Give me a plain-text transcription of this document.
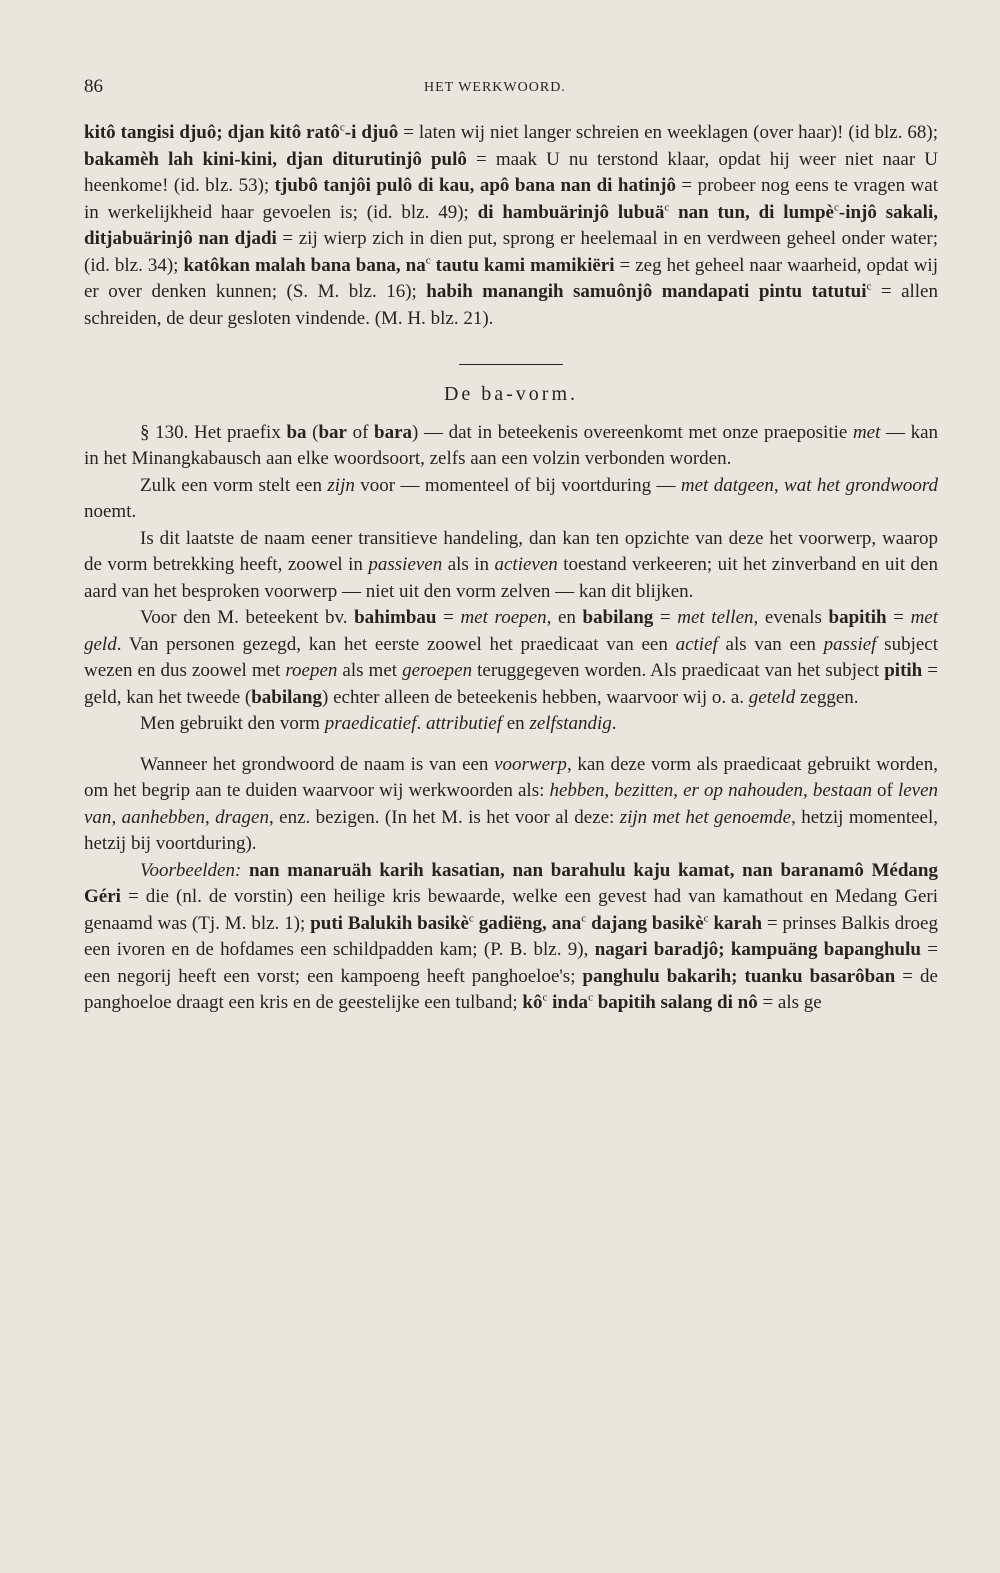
86	HET WERKWOORD.

kitô tangisi djuô; djan kitô ratô$^c$-i djuô = laten wij niet langer schreien en weeklagen (over haar)! (id blz. 68); bakamèh lah kini-kini, djan diturutinjô pulô = maak U nu terstond klaar, opdat hij weer niet naar U heenkome! (id. blz. 53); tjubô tanjôi pulô di kau, apô bana nan di hatinjô = probeer nog eens te vragen wat in werkelijkheid haar gevoelen is; (id. blz. 49); di hambuärinjô lubuä$^c$ nan tun, di lumpè$^c$-injô sakali, ditjabuärinjô nan djadi = zij wierp zich in dien put, sprong er heelemaal in en verdween geheel onder water; (id. blz. 34); katôkan malah bana bana, $na^c$ tautu kami mamikiëri = zeg het geheel naar waarheid, opdat wij er over denken kunnen; (S. M. blz. 16); habih manangih samuônjô mandapati pintu tatutui$^c$ = allen schreiden, de deur gesloten vindende. (M. H. blz. 21).

De ba-vorm.

§ 130. Het praefix ba (bar of bara) — dat in beteekenis overeenkomt met onze praepositie met — kan in het Minangkabausch aan elke woordsoort, zelfs aan een volzin verbonden worden.

Zulk een vorm stelt een zijn voor — momenteel of bij voortduring — met datgeen, wat het grondwoord noemt.

Is dit laatste de naam eener transitieve handeling, dan kan ten opzichte van deze het voorwerp, waarop de vorm betrekking heeft, zoowel in passieven als in actieven toestand verkeeren; uit het zinverband en uit den aard van het besproken voorwerp — niet uit den vorm zelven — kan dit blijken.

Voor den M. beteekent bv. bahimbau = met roepen, en babilang = met tellen, evenals bapitih = met geld. Van personen gezegd, kan het eerste zoowel het praedicaat van een actief als van een passief subject wezen en dus zoowel met roepen als met geroepen teruggegeven worden. Als praedicaat van het subject pitih = geld, kan het tweede (babilang) echter alleen de beteekenis hebben, waarvoor wij o. a. geteld zeggen.

Men gebruikt den vorm praedicatief. attributief en zelfstandig.

Wanneer het grondwoord de naam is van een voorwerp, kan deze vorm als praedicaat gebruikt worden, om het begrip aan te duiden waarvoor wij werkwoorden als: hebben, bezitten, er op nahouden, bestaan of leven van, aanhebben, dragen, enz. bezigen. (In het M. is het voor al deze: zijn met het genoemde, hetzij momenteel, hetzij bij voortduring).

Voorbeelden: nan manaruäh karih kasatian, nan barahulu kaju kamat, nan baranamô Médang Géri = die (nl. de vorstin) een heilige kris bewaarde, welke een gevest had van kamathout en Medang Geri genaamd was (Tj. M. blz. 1); puti Balukih basikè$^c$ gadiëng, ana$^c$ dajang basikè$^c$ karah = prinses Balkis droeg een ivoren en de hofdames een schildpadden kam; (P. B. blz. 9), nagari baradjô; kampuäng bapanghulu = een negorij heeft een vorst; een kampoeng heeft panghoeloe's; panghulu bakarih; tuanku basarôban = de panghoeloe draagt een kris en de geestelijke een tulband; $kô^c$ inda$^c$ bapitih salang di nô = als ge
